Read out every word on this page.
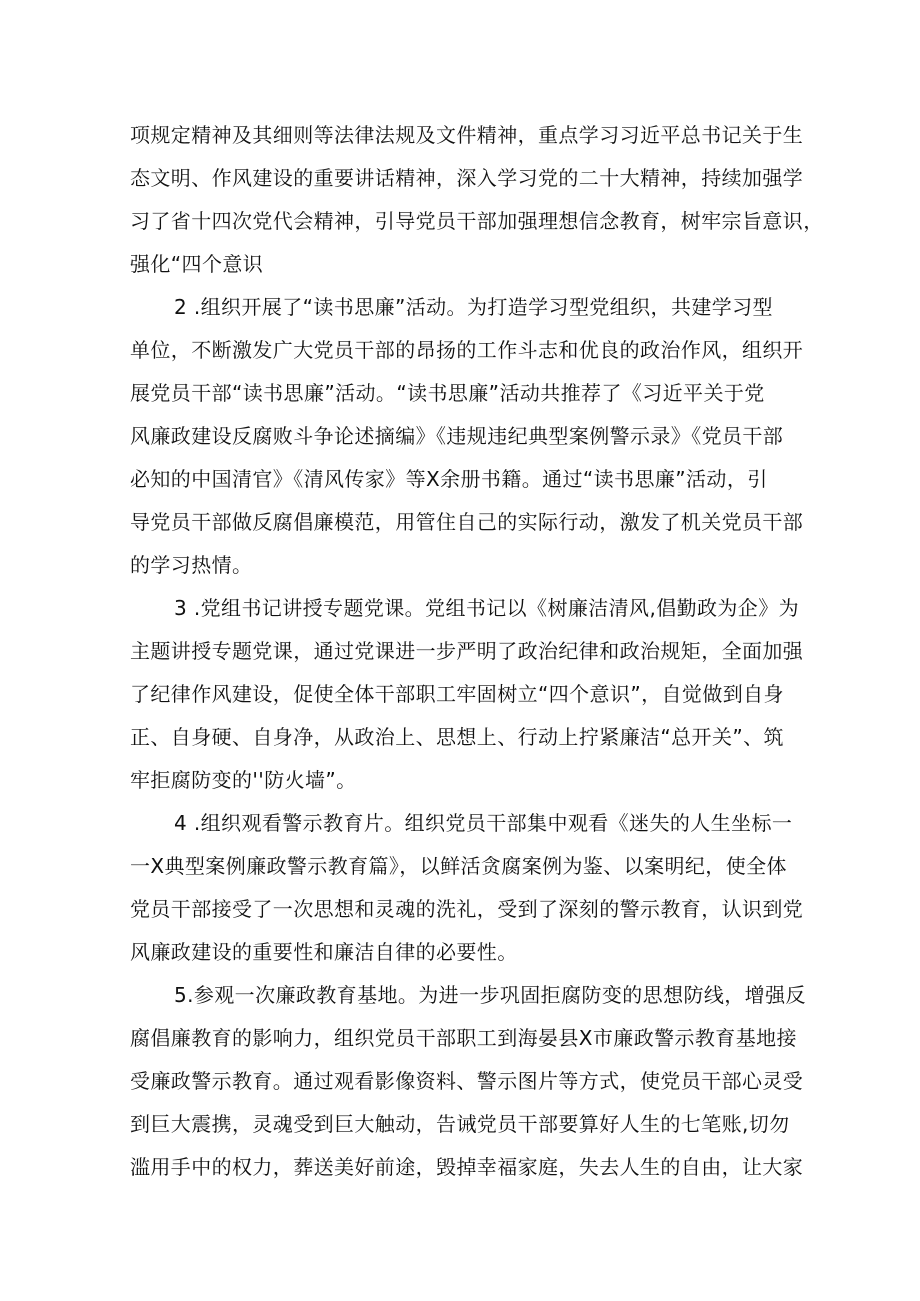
项规定精神及其细则等法律法规及文件精神，重点学习习近平总书记关于生

态文明、作风建设的重要讲话精神，深入学习党的二十大精神，持续加强学

习了省十四次党代会精神，引导党员干部加强理想信念教育，树牢宗旨意识，

强化“四个意识

2 .组织开展了“读书思廉”活动。为打造学习型党组织，共建学习型

单位，不断激发广大党员干部的昂扬的工作斗志和优良的政治作风，组织开

展党员干部“读书思廉”活动。“读书思廉”活动共推荐了《习近平关于党

风廉政建设反腐败斗争论述摘编》《违规违纪典型案例警示录》《党员干部

必知的中国清官》《清风传家》等X余册书籍。通过“读书思廉”活动，引

导党员干部做反腐倡廉模范，用管住自己的实际行动，激发了机关党员干部

的学习热情。

3 .党组书记讲授专题党课。党组书记以《树廉洁清风,倡勤政为企》为

主题讲授专题党课，通过党课进一步严明了政治纪律和政治规矩，全面加强

了纪律作风建设，促使全体干部职工牢固树立“四个意识”，自觉做到自身

正、自身硬、自身净，从政治上、思想上、行动上拧紧廉洁“总开关”、筑

牢拒腐防变的''防火墙”。

4 .组织观看警示教育片。组织党员干部集中观看《迷失的人生坐标一

一X典型案例廉政警示教育篇》，以鲜活贪腐案例为鉴、以案明纪，使全体

党员干部接受了一次思想和灵魂的洗礼，受到了深刻的警示教育，认识到党

风廉政建设的重要性和廉洁自律的必要性。

5.参观一次廉政教育基地。为进一步巩固拒腐防变的思想防线，增强反

腐倡廉教育的影响力，组织党员干部职工到海晏县X市廉政警示教育基地接

受廉政警示教育。通过观看影像资料、警示图片等方式，使党员干部心灵受

到巨大震携，灵魂受到巨大触动，告诫党员干部要算好人生的七笔账,切勿

滥用手中的权力，葬送美好前途，毁掉幸福家庭，失去人生的自由，让大家
